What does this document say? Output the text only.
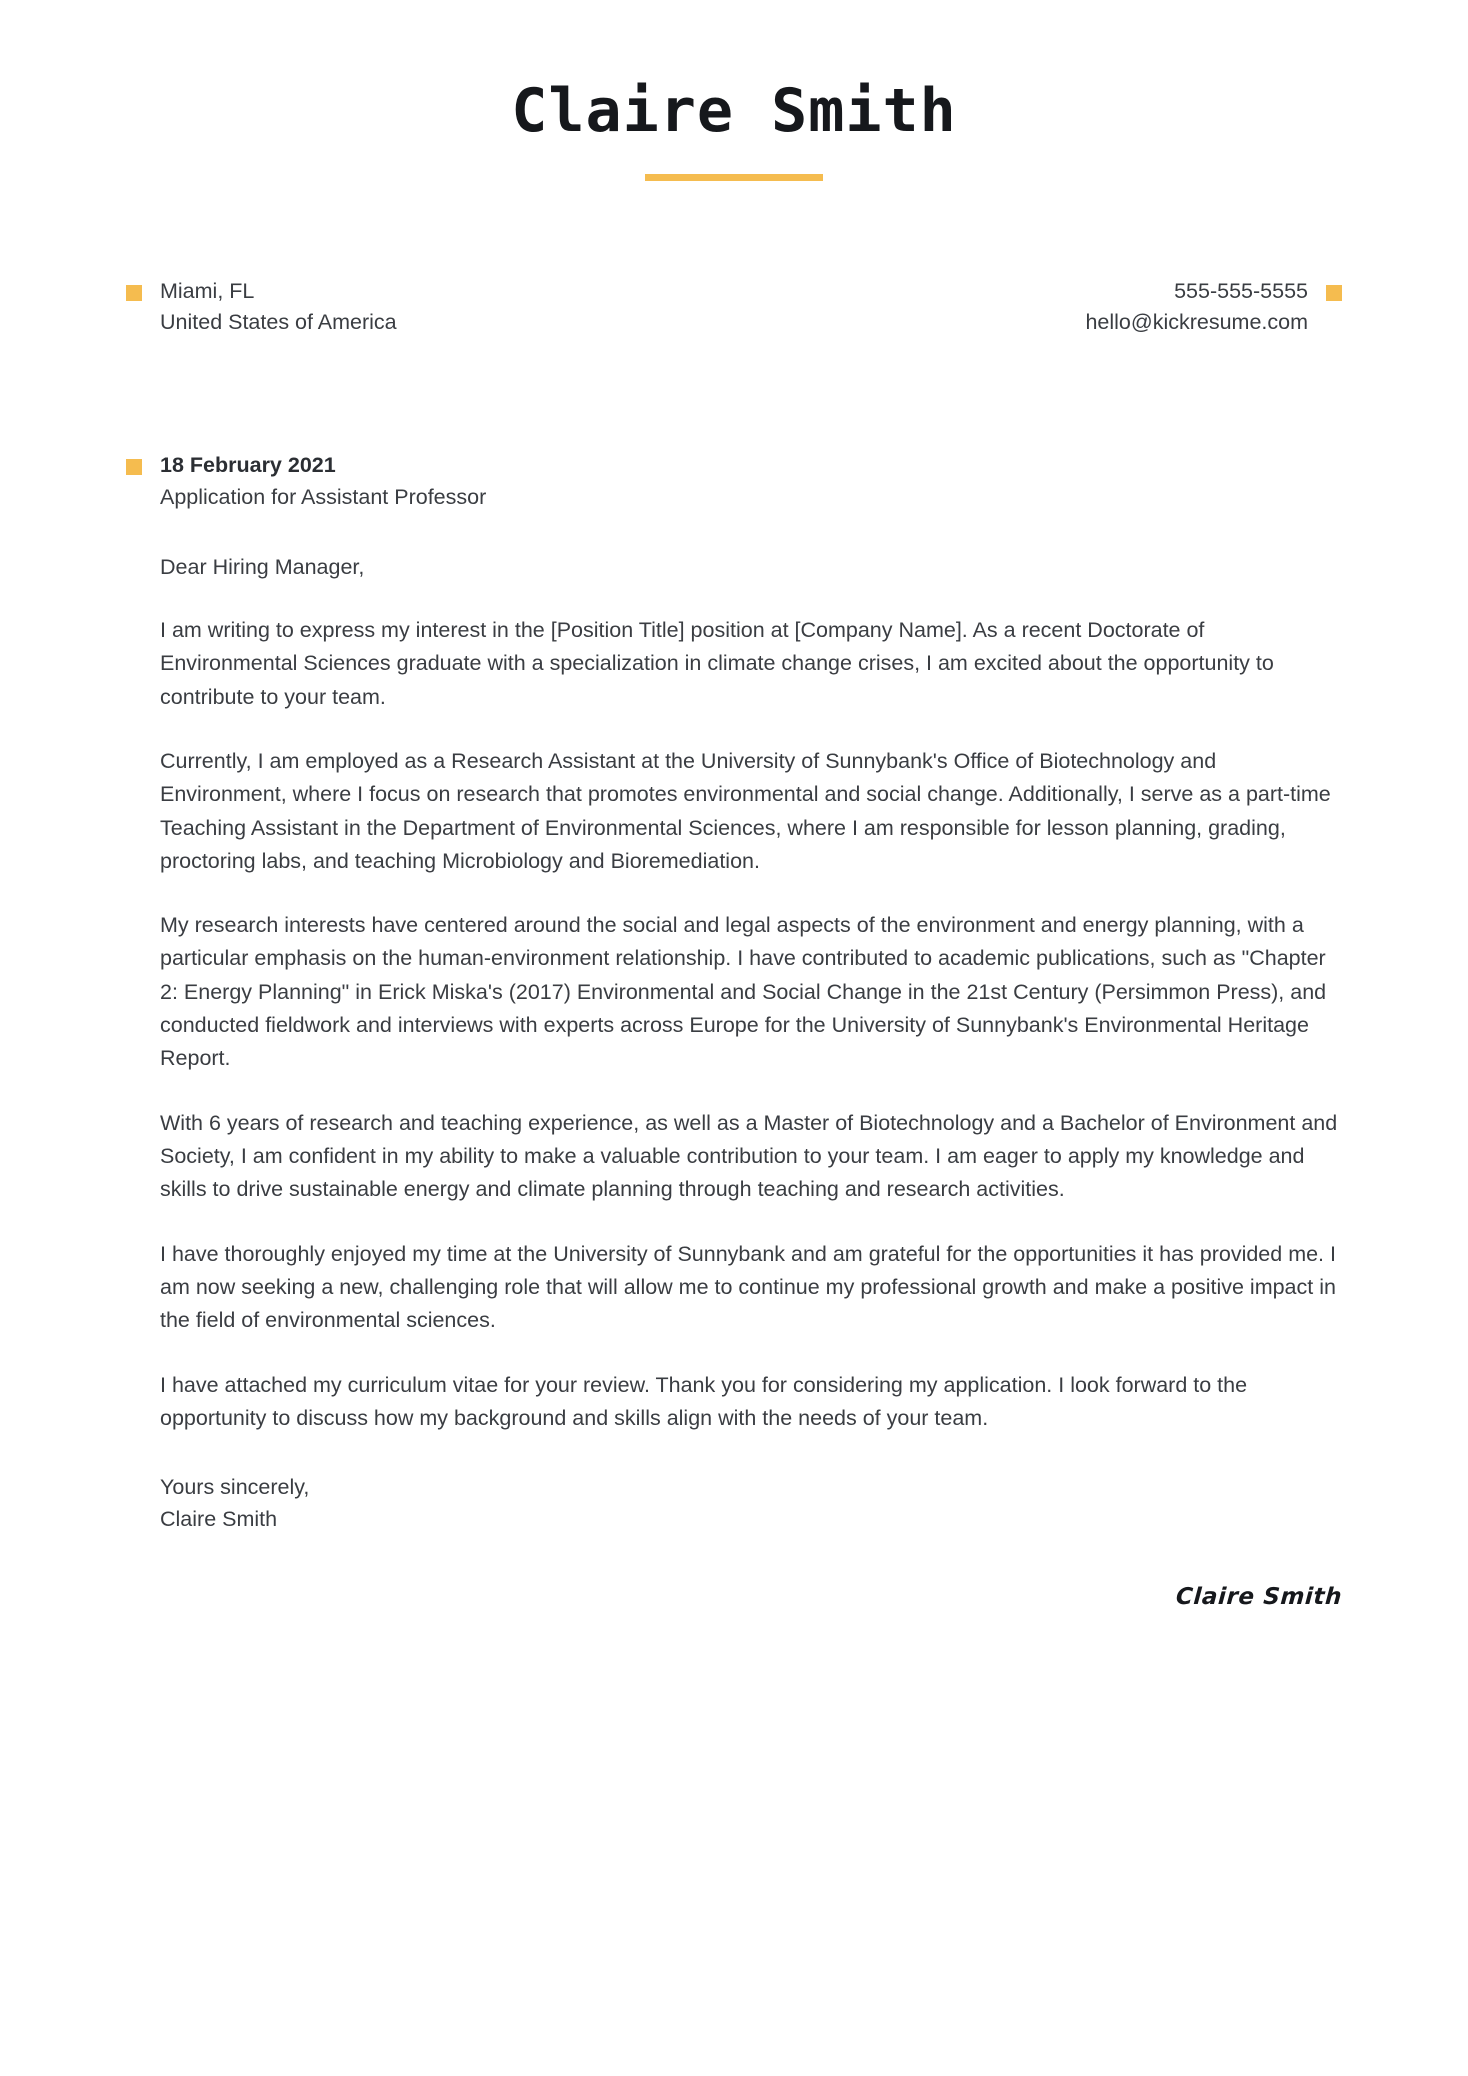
Claire Smith
Miami, FL
United States of America
555-555-5555
hello@kickresume.com
18 February 2021
Application for Assistant Professor
Dear Hiring Manager,

I am writing to express my interest in the [Position Title] position at [Company Name]. As a recent Doctorate of Environmental Sciences graduate with a specialization in climate change crises, I am excited about the opportunity to contribute to your team.

Currently, I am employed as a Research Assistant at the University of Sunnybank's Office of Biotechnology and Environment, where I focus on research that promotes environmental and social change. Additionally, I serve as a part-time Teaching Assistant in the Department of Environmental Sciences, where I am responsible for lesson planning, grading, proctoring labs, and teaching Microbiology and Bioremediation.

My research interests have centered around the social and legal aspects of the environment and energy planning, with a particular emphasis on the human-environment relationship. I have contributed to academic publications, such as "Chapter 2: Energy Planning" in Erick Miska's (2017) Environmental and Social Change in the 21st Century (Persimmon Press), and conducted fieldwork and interviews with experts across Europe for the University of Sunnybank's Environmental Heritage Report.

With 6 years of research and teaching experience, as well as a Master of Biotechnology and a Bachelor of Environment and Society, I am confident in my ability to make a valuable contribution to your team. I am eager to apply my knowledge and skills to drive sustainable energy and climate planning through teaching and research activities.

I have thoroughly enjoyed my time at the University of Sunnybank and am grateful for the opportunities it has provided me. I am now seeking a new, challenging role that will allow me to continue my professional growth and make a positive impact in the field of environmental sciences.

I have attached my curriculum vitae for your review. Thank you for considering my application. I look forward to the opportunity to discuss how my background and skills align with the needs of your team.

Yours sincerely,
Claire Smith
Claire Smith
